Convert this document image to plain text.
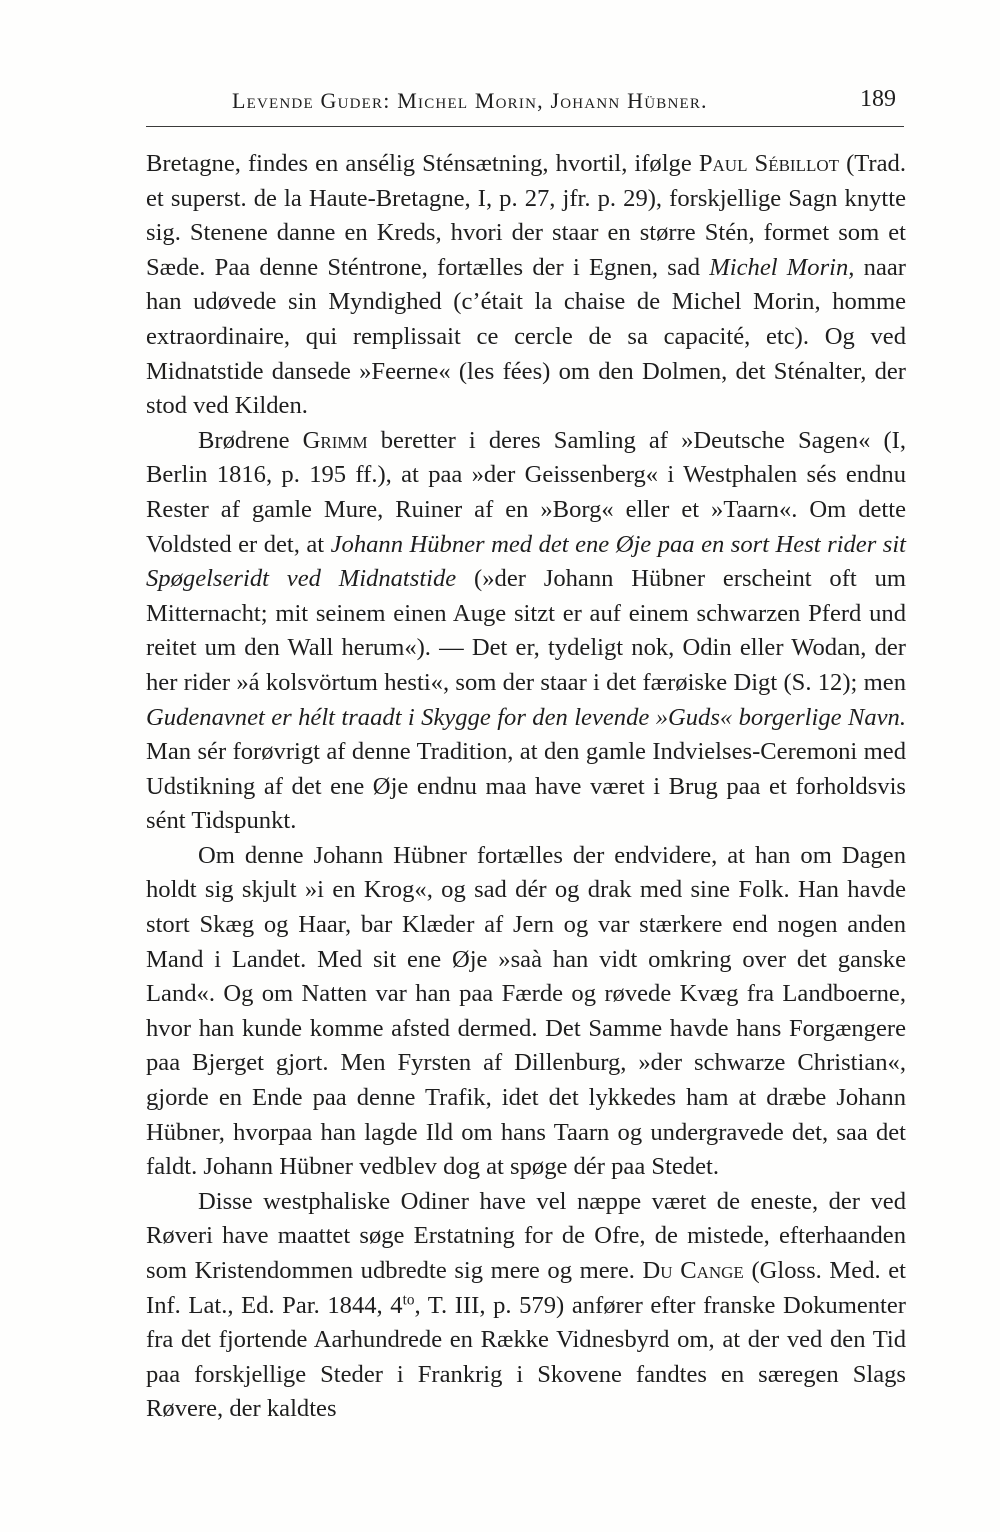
Levende Guder: Michel Morin, Johann Hübner.	189

Bretagne, findes en ansélig Sténsætning, hvortil, ifølge Paul Sébillot (Trad. et superst. de la Haute-Bretagne, I, p. 27, jfr. p. 29), forskjellige Sagn knytte sig. Stenene danne en Kreds, hvori der staar en større Stén, formet som et Sæde. Paa denne Sténtrone, fortælles der i Egnen, sad Michel Morin, naar han udøvede sin Myndighed (c’était la chaise de Michel Morin, homme extraordinaire, qui remplissait ce cercle de sa capacité, etc). Og ved Midnatstide dansede »Feerne« (les fées) om den Dolmen, det Sténalter, der stod ved Kilden.

Brødrene Grimm beretter i deres Samling af »Deutsche Sagen« (I, Berlin 1816, p. 195 ff.), at paa »der Geissenberg« i Westphalen sés endnu Rester af gamle Mure, Ruiner af en »Borg« eller et »Taarn«. Om dette Voldsted er det, at Johann Hübner med det ene Øje paa en sort Hest rider sit Spøgelseridt ved Midnatstide (»der Johann Hübner erscheint oft um Mitternacht; mit seinem einen Auge sitzt er auf einem schwarzen Pferd und reitet um den Wall herum«). — Det er, tydeligt nok, Odin eller Wodan, der her rider »á kolsvörtum hesti«, som der staar i det færøiske Digt (S. 12); men Gudenavnet er hélt traadt i Skygge for den levende »Guds« borgerlige Navn. Man sér forøvrigt af denne Tradition, at den gamle Indvielses-Ceremoni med Udstikning af det ene Øje endnu maa have været i Brug paa et forholdsvis sént Tidspunkt.

Om denne Johann Hübner fortælles der endvidere, at han om Dagen holdt sig skjult »i en Krog«, og sad dér og drak med sine Folk. Han havde stort Skæg og Haar, bar Klæder af Jern og var stærkere end nogen anden Mand i Landet. Med sit ene Øje »saà han vidt omkring over det ganske Land«. Og om Natten var han paa Færde og røvede Kvæg fra Landboerne, hvor han kunde komme afsted dermed. Det Samme havde hans Forgængere paa Bjerget gjort. Men Fyrsten af Dillenburg, »der schwarze Christian«, gjorde en Ende paa denne Trafik, idet det lykkedes ham at dræbe Johann Hübner, hvorpaa han lagde Ild om hans Taarn og undergravede det, saa det faldt. Johann Hübner vedblev dog at spøge dér paa Stedet.

Disse westphaliske Odiner have vel næppe været de eneste, der ved Røveri have maattet søge Erstatning for de Ofre, de mistede, efterhaanden som Kristendommen udbredte sig mere og mere. Du Cange (Gloss. Med. et Inf. Lat., Ed. Par. 1844, $4^{to}$, T. III, p. 579) anfører efter franske Dokumenter fra det fjortende Aarhundrede en Række Vidnesbyrd om, at der ved den Tid paa forskjellige Steder i Frankrig i Skovene fandtes en særegen Slags Røvere, der kaldtes
